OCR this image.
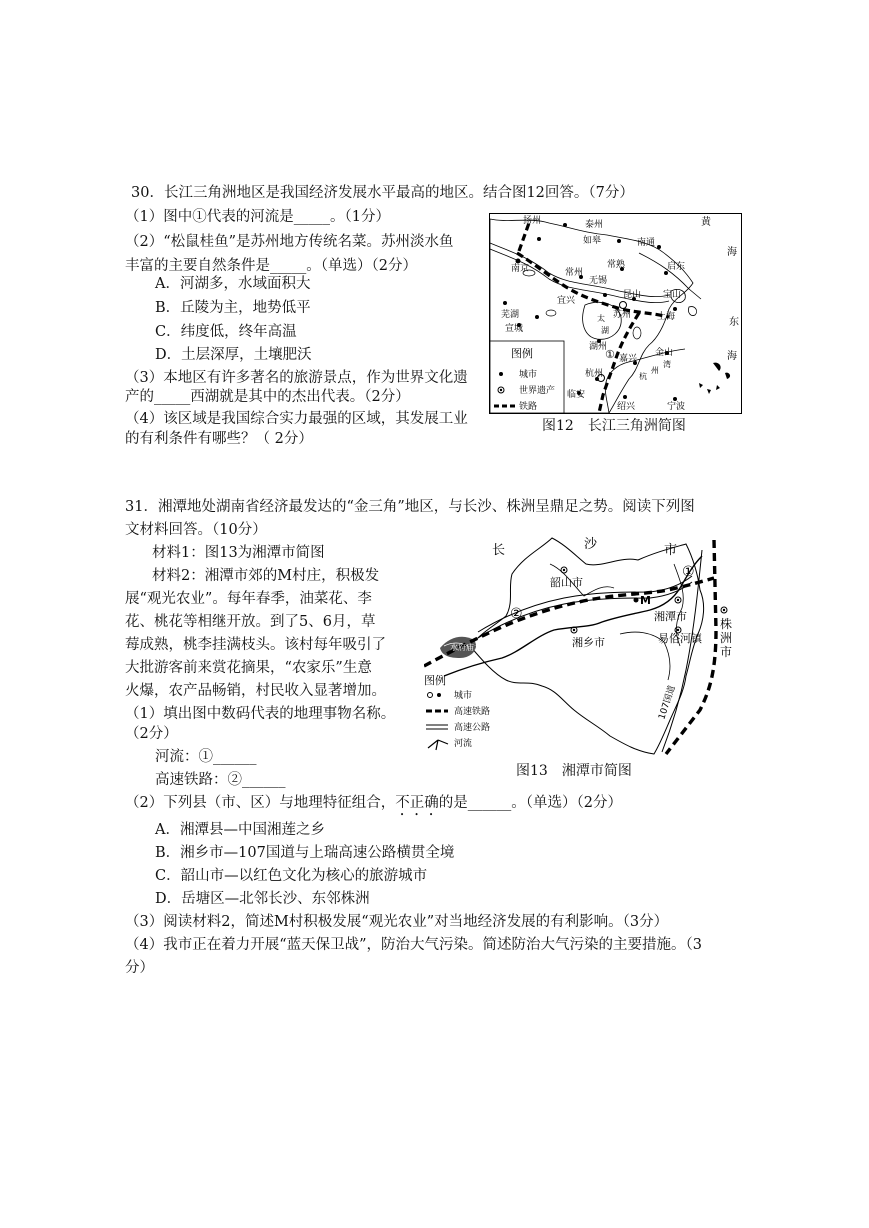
30．长江三角洲地区是我国经济发展水平最高的地区。结合图12回答。（7分）
（1）图中①代表的河流是_____。（1分）
（2）“松鼠桂鱼”是苏州地方传统名菜。苏州淡水鱼
丰富的主要自然条件是_____。（单选）（2分）
A．河湖多，水域面积大
B．丘陵为主，地势低平
C．纬度低，终年高温
D．土层深厚，土壤肥沃
（3）本地区有许多著名的旅游景点，作为世界文化遗
产的_____西湖就是其中的杰出代表。（2分）
（4）该区域是我国综合实力最强的区域，其发展工业
的有利条件有哪些？（ 2分）
图例
城市
世界遗产
铁路
扬州	泰州
如皋
南京
南通
常熟	启东
无锡
常州
芜湖
宜兴
苏州
昆山 宝山
上海
宣城
湖州
嘉兴
金山
杭州
临安
绍兴	宁波
黄
海
东
海
太
湖
①
杭
州
湾
图12　长江三角洲简图
31．湘潭地处湖南省经济最发达的“金三角”地区，与长沙、株洲呈鼎足之势。阅读下列图
文材料回答。（10分）
材料1：图13为湘潭市简图
材料2：湘潭市郊的M村庄，积极发
展“观光农业”。每年春季，油菜花、李
花、桃花等相继开放。到了5、6月，草
莓成熟，桃李挂满枝头。该村每年吸引了
大批游客前来赏花摘果，“农家乐”生意
火爆，农产品畅销，村民收入显著增加。
（1）填出图中数码代表的地理事物名称。
（2分）
河流：①______
高速铁路：②______
（2）下列县（市、区）与地理特征组合，不正确的是______。（单选）（2分）
A．湘潭县—中国湘莲之乡
B．湘乡市—107国道与上瑞高速公路横贯全境
C．韶山市—以红色文化为核心的旅游城市
D．岳塘区—北邻长沙、东邻株洲
（3）阅读材料2，简述M村积极发展“观光农业”对当地经济发展的有利影响。（3分）
（4）我市正在着力开展“蓝天保卫战”，防治大气污染。简述防治大气污染的主要措施。（3
分）
长	沙	市
株
洲
市
韶山市
湘潭市
湘乡市	易俗河镇
水府庙水库
M
①
②
107国道
图例
城市
高速铁路
高速公路
河流
图13　湘潭市简图
